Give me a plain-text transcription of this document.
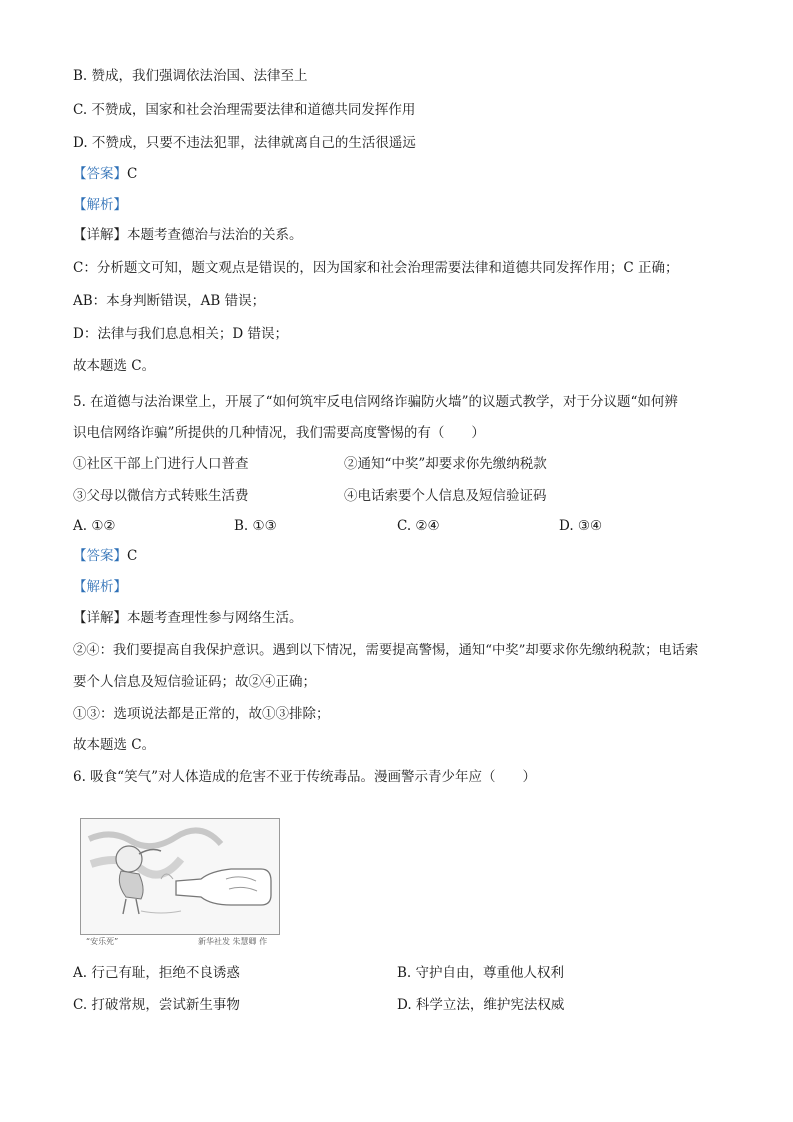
B. 赞成，我们强调依法治国、法律至上
C. 不赞成，国家和社会治理需要法律和道德共同发挥作用
D. 不赞成，只要不违法犯罪，法律就离自己的生活很遥远
【答案】C
【解析】
【详解】本题考查德治与法治的关系。
C：分析题文可知，题文观点是错误的，因为国家和社会治理需要法律和道德共同发挥作用；C 正确；
AB：本身判断错误，AB 错误；
D：法律与我们息息相关；D 错误；
故本题选 C。
5. 在道德与法治课堂上，开展了“如何筑牢反电信网络诈骗防火墙”的议题式教学，对于分议题“如何辨
识电信网络诈骗”所提供的几种情况，我们需要高度警惕的有（　　）
①社区干部上门进行人口普查	②通知“中奖”却要求你先缴纳税款
③父母以微信方式转账生活费	④电话索要个人信息及短信验证码
A. ①②	B. ①③	C. ②④	D. ③④
【答案】C
【解析】
【详解】本题考查理性参与网络生活。
②④：我们要提高自我保护意识。遇到以下情况，需要提高警惕，通知“中奖”却要求你先缴纳税款；电话索
要个人信息及短信验证码；故②④正确；
①③：选项说法都是正常的，故①③排除；
故本题选 C。
6. 吸食“笑气”对人体造成的危害不亚于传统毒品。漫画警示青少年应（　　）
“安乐死”	新华社发 朱慧卿 作
A. 行己有耻，拒绝不良诱惑	B. 守护自由，尊重他人权利
C. 打破常规，尝试新生事物	D. 科学立法，维护宪法权威
